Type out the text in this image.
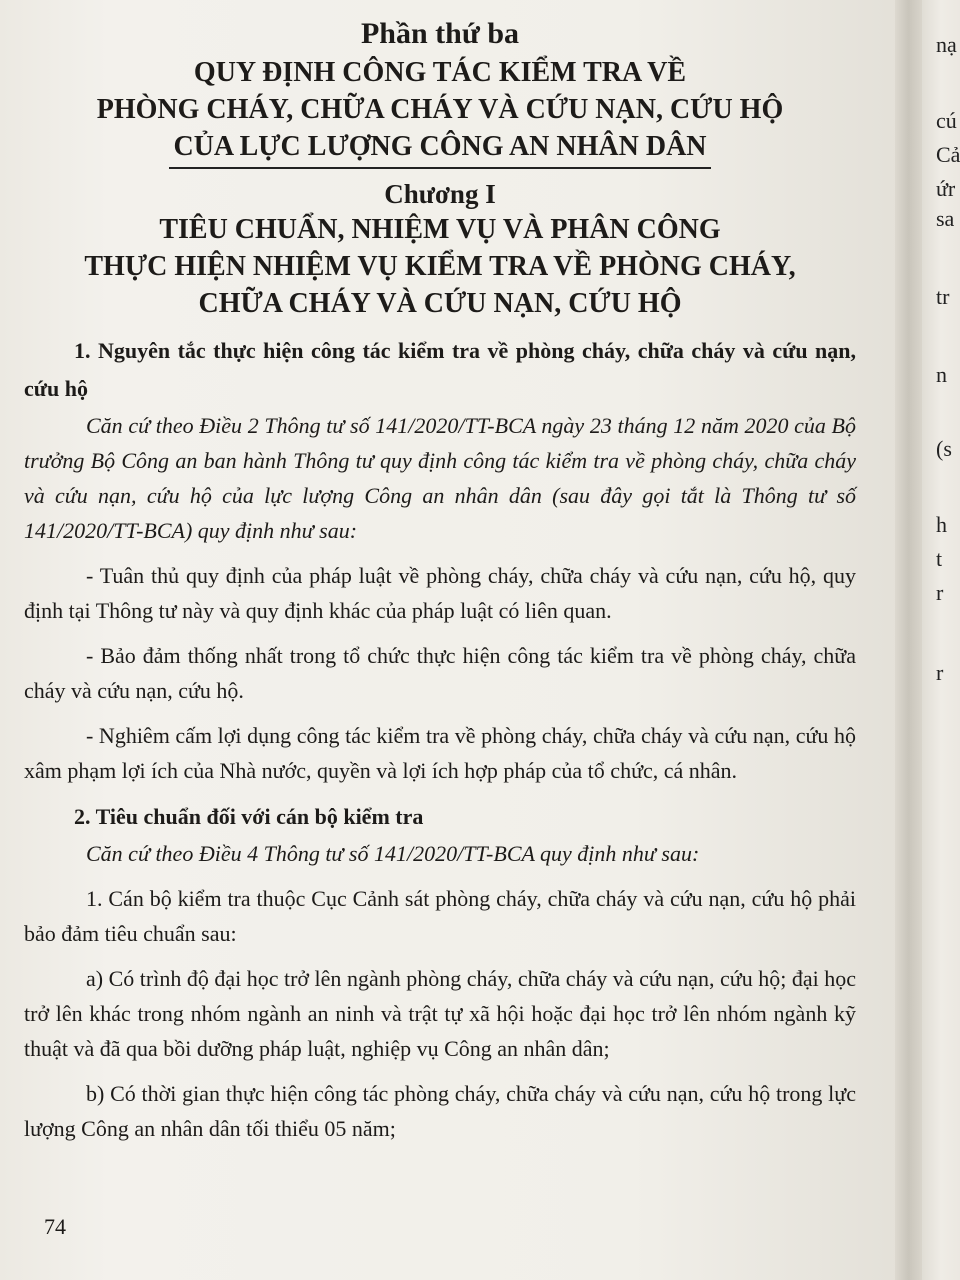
Phần thứ ba
QUY ĐỊNH CÔNG TÁC KIỂM TRA VỀ
PHÒNG CHÁY, CHỮA CHÁY VÀ CỨU NẠN, CỨU HỘ
CỦA LỰC LƯỢNG CÔNG AN NHÂN DÂN
Chương I
TIÊU CHUẨN, NHIỆM VỤ VÀ PHÂN CÔNG
THỰC HIỆN NHIỆM VỤ KIỂM TRA VỀ PHÒNG CHÁY,
CHỮA CHÁY VÀ CỨU NẠN, CỨU HỘ
1. Nguyên tắc thực hiện công tác kiểm tra về phòng cháy, chữa cháy và cứu nạn, cứu hộ

Căn cứ theo Điều 2 Thông tư số 141/2020/TT-BCA ngày 23 tháng 12 năm 2020 của Bộ trưởng Bộ Công an ban hành Thông tư quy định công tác kiểm tra về phòng cháy, chữa cháy và cứu nạn, cứu hộ của lực lượng Công an nhân dân (sau đây gọi tắt là Thông tư số 141/2020/TT-BCA) quy định như sau:

- Tuân thủ quy định của pháp luật về phòng cháy, chữa cháy và cứu nạn, cứu hộ, quy định tại Thông tư này và quy định khác của pháp luật có liên quan.

- Bảo đảm thống nhất trong tổ chức thực hiện công tác kiểm tra về phòng cháy, chữa cháy và cứu nạn, cứu hộ.

- Nghiêm cấm lợi dụng công tác kiểm tra về phòng cháy, chữa cháy và cứu nạn, cứu hộ xâm phạm lợi ích của Nhà nước, quyền và lợi ích hợp pháp của tổ chức, cá nhân.

2. Tiêu chuẩn đối với cán bộ kiểm tra

Căn cứ theo Điều 4 Thông tư số 141/2020/TT-BCA quy định như sau:

1. Cán bộ kiểm tra thuộc Cục Cảnh sát phòng cháy, chữa cháy và cứu nạn, cứu hộ phải bảo đảm tiêu chuẩn sau:

a) Có trình độ đại học trở lên ngành phòng cháy, chữa cháy và cứu nạn, cứu hộ; đại học trở lên khác trong nhóm ngành an ninh và trật tự xã hội hoặc đại học trở lên nhóm ngành kỹ thuật và đã qua bồi dưỡng pháp luật, nghiệp vụ Công an nhân dân;

b) Có thời gian thực hiện công tác phòng cháy, chữa cháy và cứu nạn, cứu hộ trong lực lượng Công an nhân dân tối thiểu 05 năm;

74
nạ
cú
Cả
ứr
sa
tr
n
(s
h
t
r
r
